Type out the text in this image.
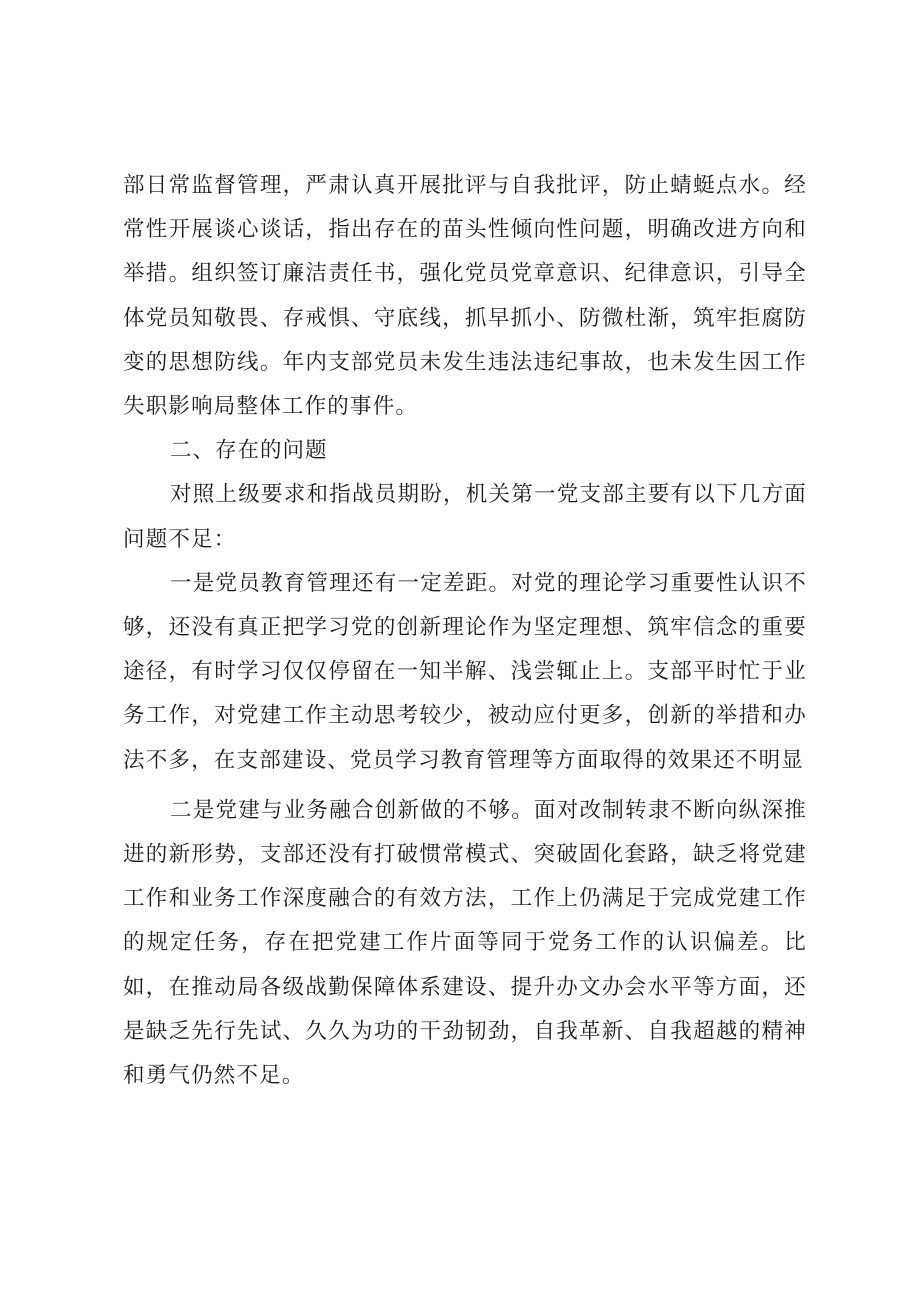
部日常监督管理，严肃认真开展批评与自我批评，防止蜻蜓点水。经常性开展谈心谈话，指出存在的苗头性倾向性问题，明确改进方向和举措。组织签订廉洁责任书，强化党员党章意识、纪律意识，引导全体党员知敬畏、存戒惧、守底线，抓早抓小、防微杜渐，筑牢拒腐防变的思想防线。年内支部党员未发生违法违纪事故，也未发生因工作失职影响局整体工作的事件。

二、存在的问题

对照上级要求和指战员期盼，机关第一党支部主要有以下几方面问题不足：

一是党员教育管理还有一定差距。对党的理论学习重要性认识不够，还没有真正把学习党的创新理论作为坚定理想、筑牢信念的重要途径，有时学习仅仅停留在一知半解、浅尝辄止上。支部平时忙于业务工作，对党建工作主动思考较少，被动应付更多，创新的举措和办法不多，在支部建设、党员学习教育管理等方面取得的效果还不明显

二是党建与业务融合创新做的不够。面对改制转隶不断向纵深推进的新形势，支部还没有打破惯常模式、突破固化套路，缺乏将党建工作和业务工作深度融合的有效方法，工作上仍满足于完成党建工作的规定任务，存在把党建工作片面等同于党务工作的认识偏差。比如，在推动局各级战勤保障体系建设、提升办文办会水平等方面，还是缺乏先行先试、久久为功的干劲韧劲，自我革新、自我超越的精神和勇气仍然不足。
